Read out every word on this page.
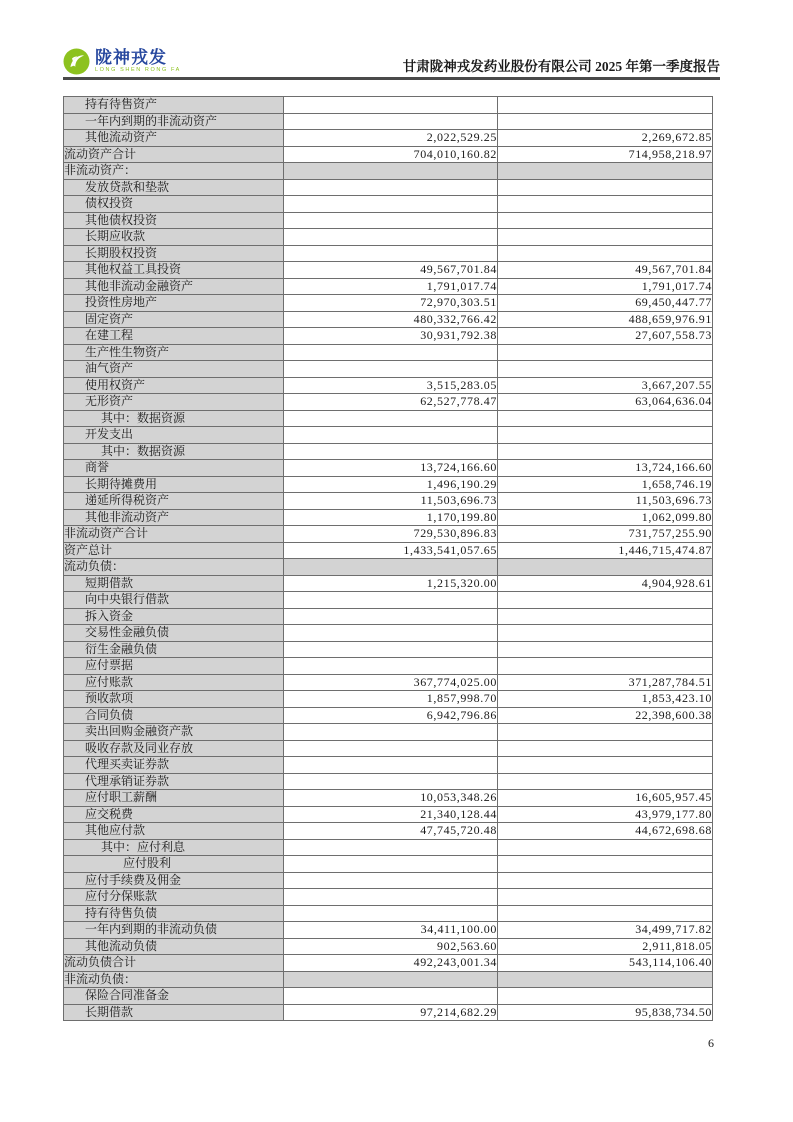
陇神戎发
LONG SHEN RONG FA	甘肃陇神戎发药业股份有限公司 2025 年第一季度报告
持有待售资产		
一年内到期的非流动资产		
其他流动资产	2,022,529.25	2,269,672.85
流动资产合计	704,010,160.82	714,958,218.97
非流动资产：		
发放贷款和垫款		
债权投资		
其他债权投资		
长期应收款		
长期股权投资		
其他权益工具投资	49,567,701.84	49,567,701.84
其他非流动金融资产	1,791,017.74	1,791,017.74
投资性房地产	72,970,303.51	69,450,447.77
固定资产	480,332,766.42	488,659,976.91
在建工程	30,931,792.38	27,607,558.73
生产性生物资产		
油气资产		
使用权资产	3,515,283.05	3,667,207.55
无形资产	62,527,778.47	63,064,636.04
其中：数据资源		
开发支出		
其中：数据资源		
商誉	13,724,166.60	13,724,166.60
长期待摊费用	1,496,190.29	1,658,746.19
递延所得税资产	11,503,696.73	11,503,696.73
其他非流动资产	1,170,199.80	1,062,099.80
非流动资产合计	729,530,896.83	731,757,255.90
资产总计	1,433,541,057.65	1,446,715,474.87
流动负债：		
短期借款	1,215,320.00	4,904,928.61
向中央银行借款		
拆入资金		
交易性金融负债		
衍生金融负债		
应付票据		
应付账款	367,774,025.00	371,287,784.51
预收款项	1,857,998.70	1,853,423.10
合同负债	6,942,796.86	22,398,600.38
卖出回购金融资产款		
吸收存款及同业存放		
代理买卖证券款		
代理承销证券款		
应付职工薪酬	10,053,348.26	16,605,957.45
应交税费	21,340,128.44	43,979,177.80
其他应付款	47,745,720.48	44,672,698.68
其中：应付利息		
应付股利		
应付手续费及佣金		
应付分保账款		
持有待售负债		
一年内到期的非流动负债	34,411,100.00	34,499,717.82
其他流动负债	902,563.60	2,911,818.05
流动负债合计	492,243,001.34	543,114,106.40
非流动负债：		
保险合同准备金		
长期借款	97,214,682.29	95,838,734.50
6
